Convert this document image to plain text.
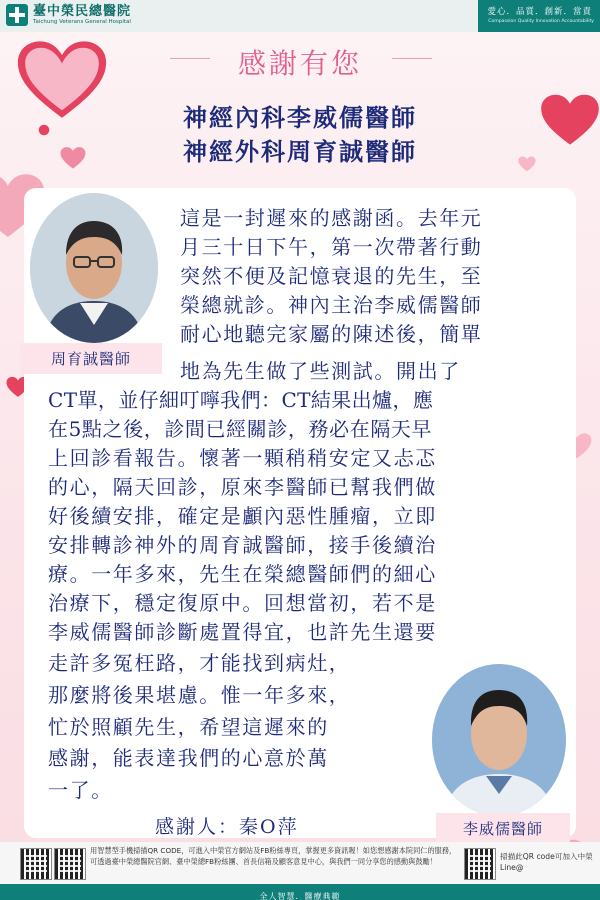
臺中榮民總醫院
Taichung Veterans General Hospital
愛心．品質．創新．當責
Compassion Quality Innovation Accountability
感謝有您
神經內科李威儒醫師
神經外科周育誠醫師
周育誠醫師
李威儒醫師
這是一封遲來的感謝函。去年元
月三十日下午，第一次帶著行動
突然不便及記憶衰退的先生，至
榮總就診。神內主治李威儒醫師
耐心地聽完家屬的陳述後，簡單
地為先生做了些測試。開出了
CT單，並仔細叮嚀我們：CT結果出爐，應
在5點之後，診間已經關診，務必在隔天早
上回診看報告。懷著一顆稍稍安定又忐忑
的心，隔天回診，原來李醫師已幫我們做
好後續安排，確定是顱內惡性腫瘤，立即
安排轉診神外的周育誠醫師，接手後續治
療。一年多來，先生在榮總醫師們的細心
治療下，穩定復原中。回想當初，若不是
李威儒醫師診斷處置得宜，也許先生還要
走許多冤枉路，才能找到病灶，
那麼將後果堪慮。惟一年多來，
忙於照顧先生，希望這遲來的
感謝，能表達我們的心意於萬
一了。
感謝人：秦O萍
用智慧型手機掃描QR CODE，可進入中榮官方網站及FB粉絲專頁，掌握更多資訊喔！如您想感謝本院同仁的服務，可透過臺中榮總醫院官網、臺中榮總FB粉絲團、首長信箱及顧客意見中心，與我們一同分享您的感動與鼓勵！	掃描此QR code可加入中榮Line@
全人智慧．醫療典範
